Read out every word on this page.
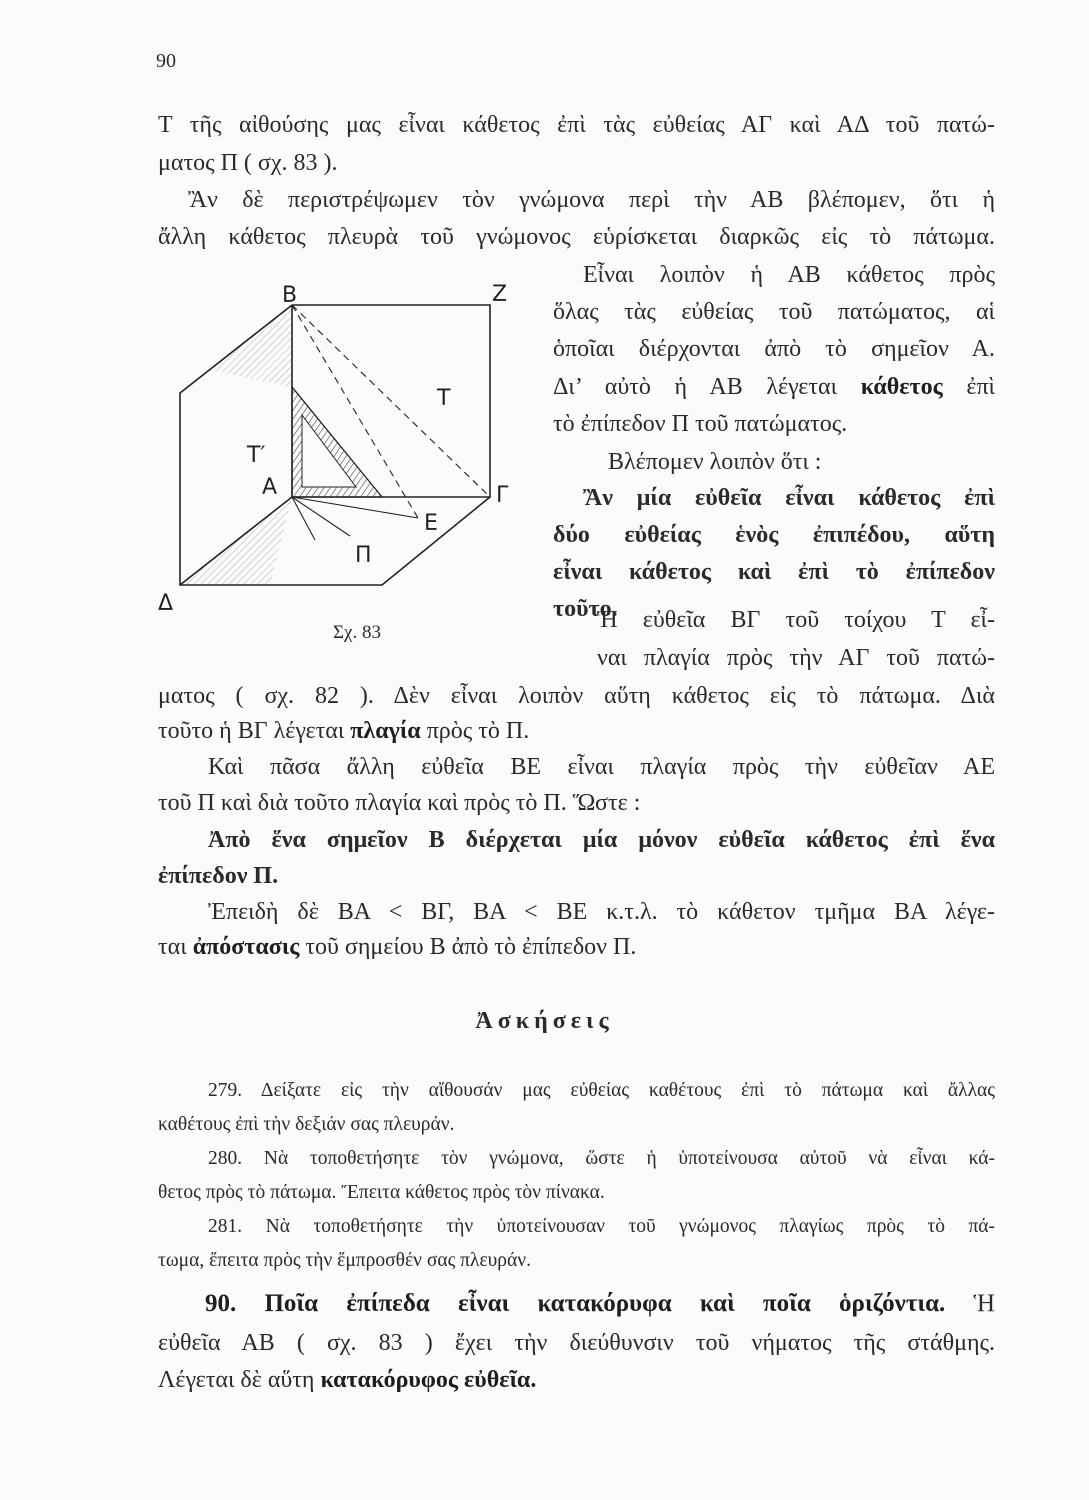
90
Τ τῆς αἰθούσης μας εἶναι κάθετος ἐπὶ τὰς εὐθείας ΑΓ καὶ ΑΔ τοῦ πατώ-
ματος Π ( σχ. 83 ).
Ἂν δὲ περιστρέψωμεν τὸν γνώμονα περὶ τὴν ΑΒ βλέπομεν, ὅτι ἡ
ἄλλη κάθετος πλευρὰ τοῦ γνώμονος εὑρίσκεται διαρκῶς εἰς τὸ πάτωμα.
Εἶναι λοιπὸν ἡ ΑΒ κάθετος πρὸς
ὅλας τὰς εὐθείας τοῦ πατώματος, αἱ
ὁποῖαι διέρχονται ἀπὸ τὸ σημεῖον Α.
Δι’ αὐτὸ ἡ ΑΒ λέγεται κάθετος ἐπὶ
τὸ ἐπίπεδον Π τοῦ πατώματος.
Βλέπομεν λοιπὸν ὅτι :
Ἂν μία εὐθεῖα εἶναι κάθετος ἐπὶ
δύο εὐθείας ἑνὸς ἐπιπέδου, αὕτη
εἶναι κάθετος καὶ ἐπὶ τὸ ἐπίπεδον
τοῦτο.
Ἡ εὐθεῖα ΒΓ τοῦ τοίχου Τ εἶ-
ναι πλαγία πρὸς τὴν ΑΓ τοῦ πατώ-
Β	Ζ
Τ
Τ′
Α	Γ
Ε
Π
Δ
Σχ. 83
ματος ( σχ. 82 ). Δὲν εἶναι λοιπὸν αὕτη κάθετος εἰς τὸ πάτωμα. Διὰ
τοῦτο ἡ ΒΓ λέγεται πλαγία πρὸς τὸ Π.
Καὶ πᾶσα ἄλλη εὐθεῖα ΒΕ εἶναι πλαγία πρὸς τὴν εὐθεῖαν ΑΕ
τοῦ Π καὶ διὰ τοῦτο πλαγία καὶ πρὸς τὸ Π. Ὥστε :
Ἀπὸ ἕνα σημεῖον Β διέρχεται μία μόνον εὐθεῖα κάθετος ἐπὶ ἕνα
ἐπίπεδον Π.
Ἐπειδὴ δὲ ΒΑ < ΒΓ, ΒΑ < ΒΕ κ.τ.λ. τὸ κάθετον τμῆμα ΒΑ λέγε-
ται ἀπόστασις τοῦ σημείου Β ἀπὸ τὸ ἐπίπεδον Π.
Ἀσκήσεις
279. Δείξατε εἰς τὴν αἴθουσάν μας εὐθείας καθέτους ἐπὶ τὸ πάτωμα καὶ ἄλλας
καθέτους ἐπὶ τὴν δεξιάν σας πλευράν.
280. Νὰ τοποθετήσητε τὸν γνώμονα, ὥστε ἡ ὑποτείνουσα αὐτοῦ νὰ εἶναι κά-
θετος πρὸς τὸ πάτωμα. Ἔπειτα κάθετος πρὸς τὸν πίνακα.
281. Νὰ τοποθετήσητε τὴν ὑποτείνουσαν τοῦ γνώμονος πλαγίως πρὸς τὸ πά-
τωμα, ἔπειτα πρὸς τὴν ἔμπροσθέν σας πλευράν.
90. Ποῖα ἐπίπεδα εἶναι κατακόρυφα καὶ ποῖα ὁριζόντια. Ἡ
εὐθεῖα ΑΒ ( σχ. 83 ) ἔχει τὴν διεύθυνσιν τοῦ νήματος τῆς στάθμης.
Λέγεται δὲ αὕτη κατακόρυφος εὐθεῖα.
